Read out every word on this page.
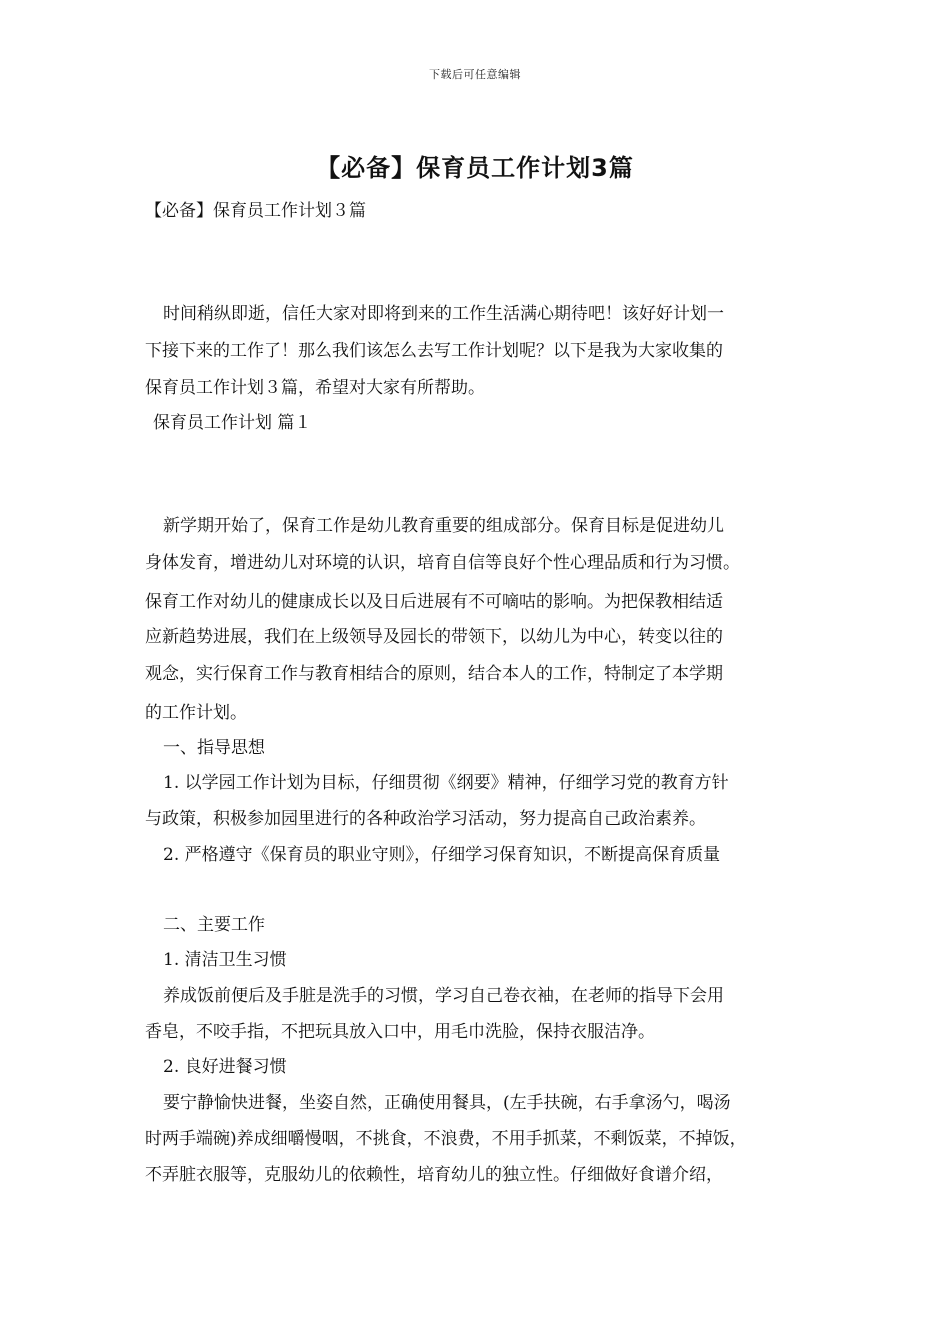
下载后可任意编辑
【必备】保育员工作计划3篇
【必备】保育员工作计划３篇
时间稍纵即逝，信任大家对即将到来的工作生活满心期待吧！该好好计划一
下接下来的工作了！那么我们该怎么去写工作计划呢？以下是我为大家收集的
保育员工作计划３篇，希望对大家有所帮助。
保育员工作计划 篇１
新学期开始了，保育工作是幼儿教育重要的组成部分。保育目标是促进幼儿
身体发育，增进幼儿对环境的认识，培育自信等良好个性心理品质和行为习惯。
保育工作对幼儿的健康成长以及日后进展有不可嘀咕的影响。为把保教相结适
应新趋势进展，我们在上级领导及园长的带领下，以幼儿为中心，转变以往的
观念，实行保育工作与教育相结合的原则，结合本人的工作，特制定了本学期
的工作计划。
一、指导思想
1. 以学园工作计划为目标，仔细贯彻《纲要》精神，仔细学习党的教育方针
与政策，积极参加园里进行的各种政治学习活动，努力提高自己政治素养。
2. 严格遵守《保育员的职业守则》，仔细学习保育知识，不断提高保育质量
二、主要工作
1. 清洁卫生习惯
养成饭前便后及手脏是洗手的习惯，学习自己卷衣袖，在老师的指导下会用
香皂，不咬手指，不把玩具放入口中，用毛巾洗脸，保持衣服洁净。
2. 良好进餐习惯
要宁静愉快进餐，坐姿自然，正确使用餐具，(左手扶碗，右手拿汤勺，喝汤
时两手端碗)养成细嚼慢咽，不挑食，不浪费，不用手抓菜，不剩饭菜，不掉饭，
不弄脏衣服等，克服幼儿的依赖性，培育幼儿的独立性。仔细做好食谱介绍，
